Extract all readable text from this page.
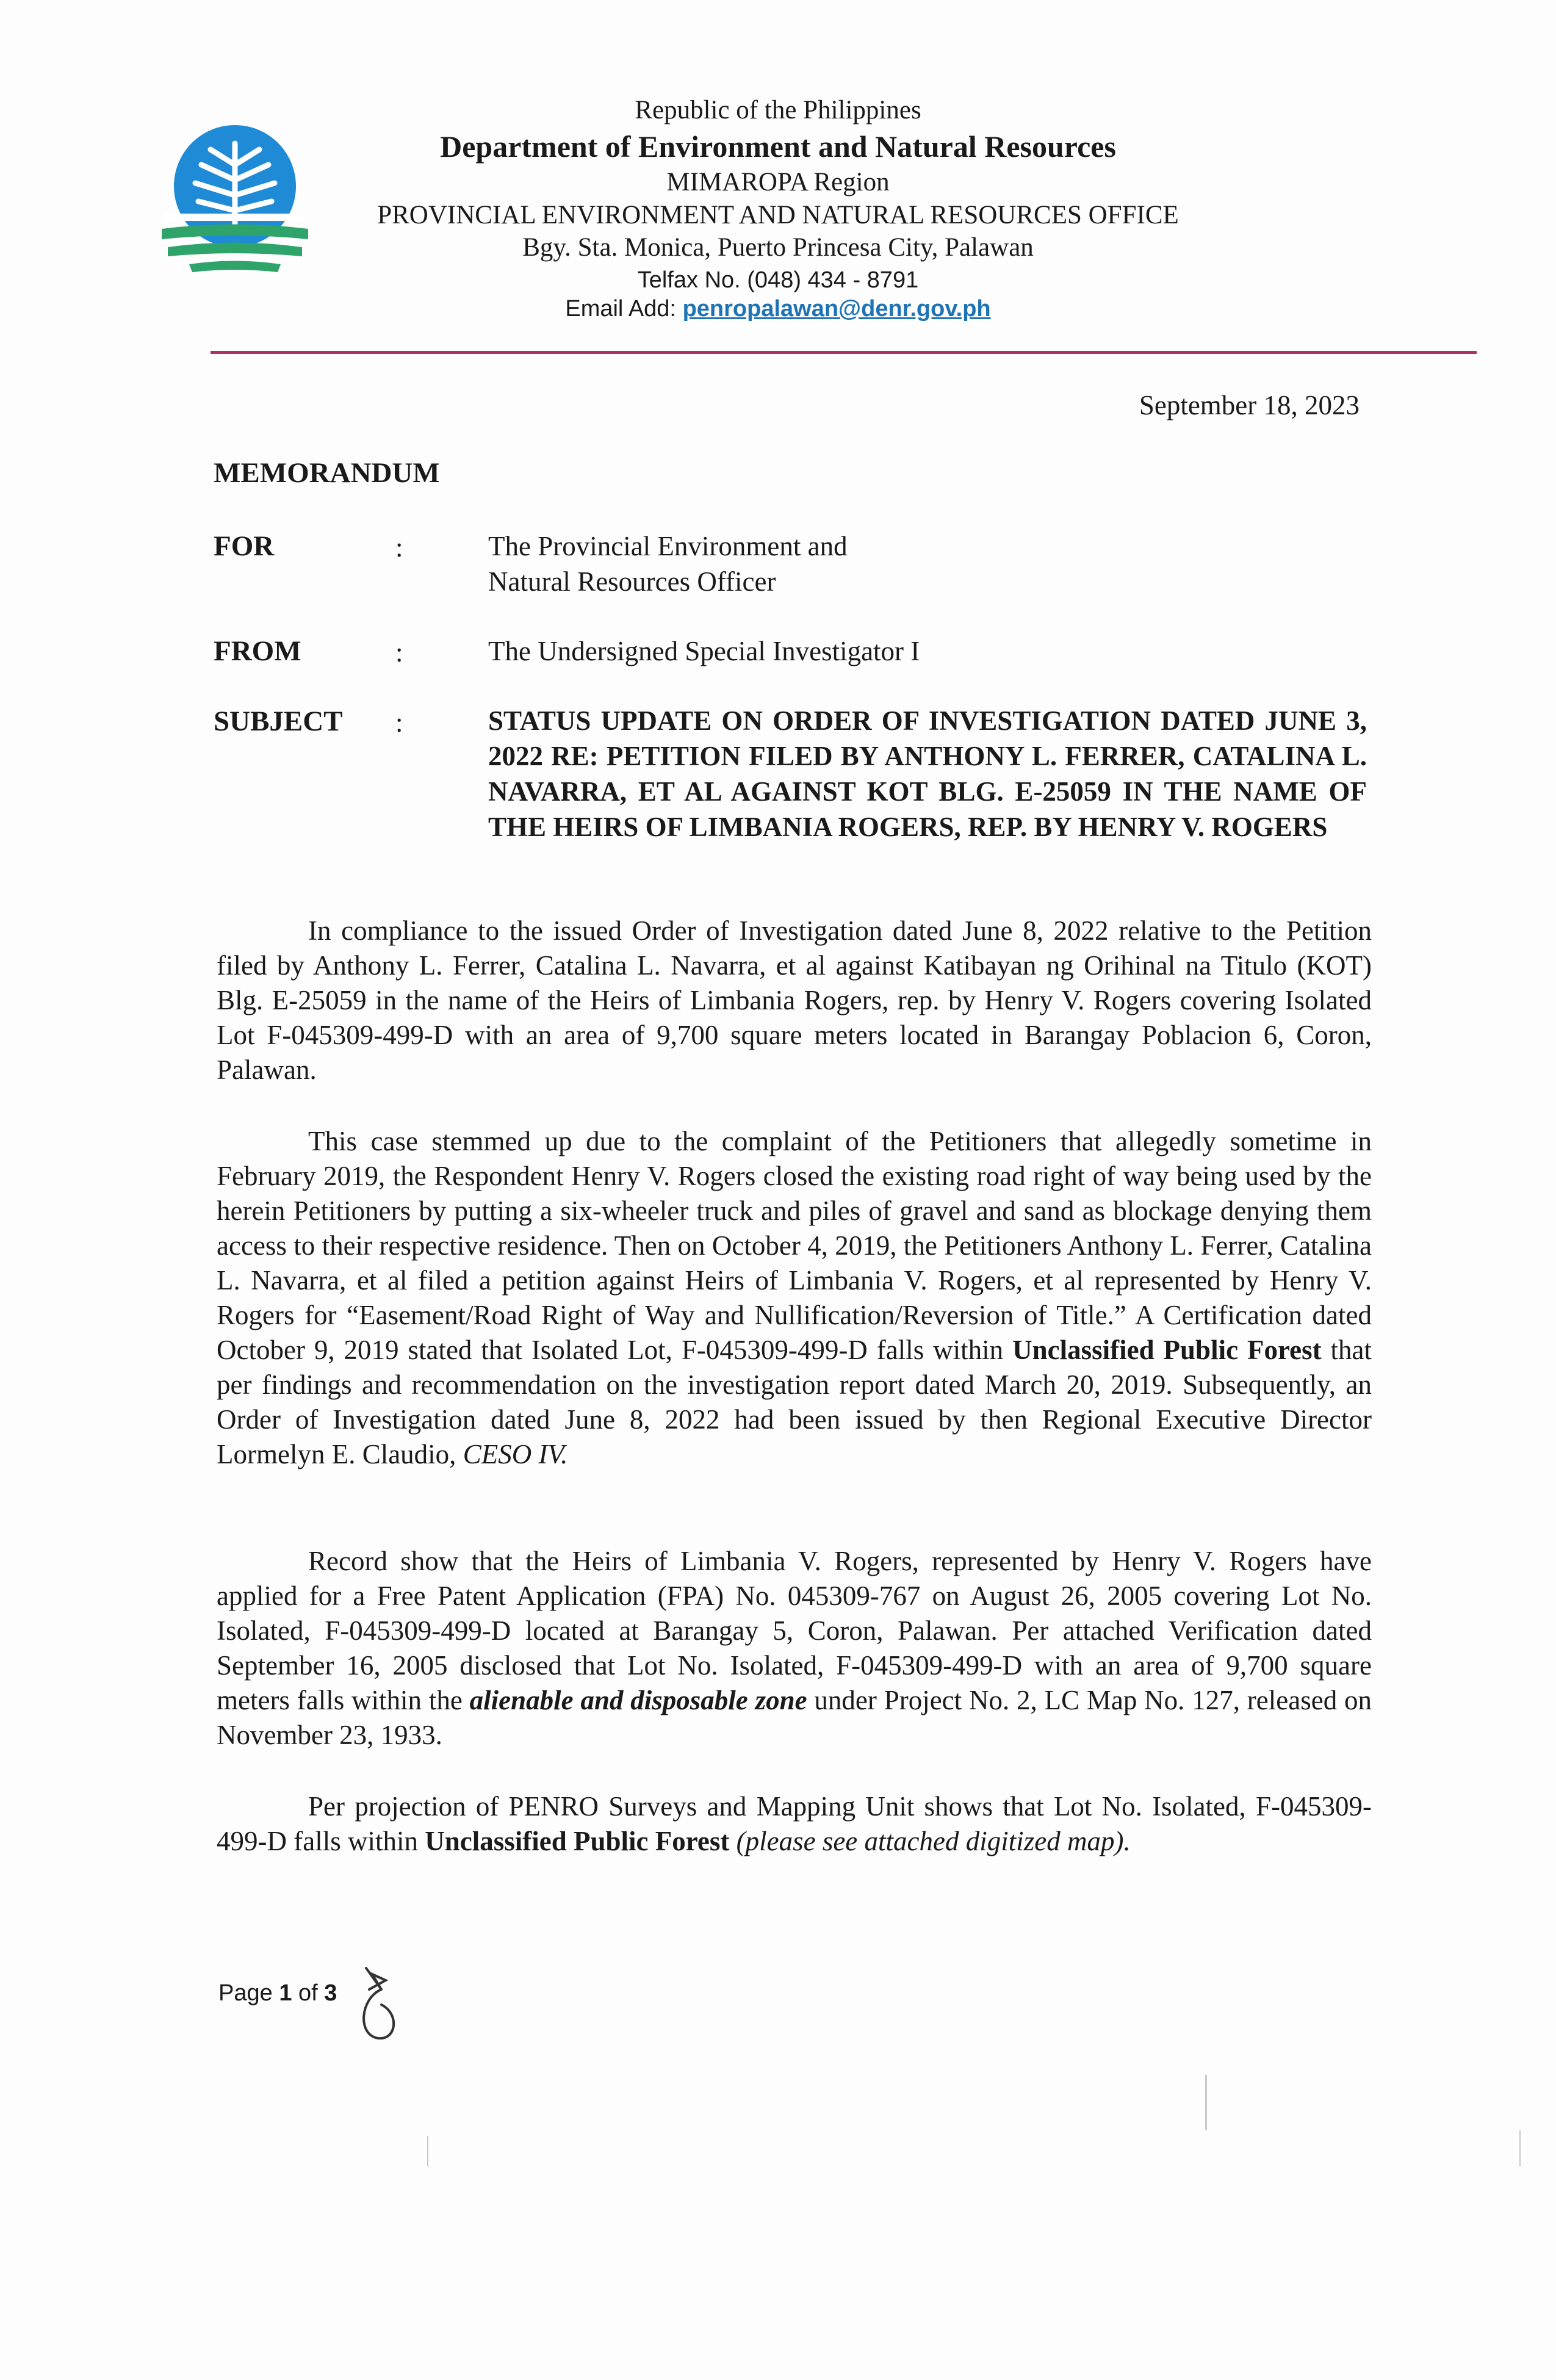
Republic of the Philippines
Department of Environment and Natural Resources
MIMAROPA Region
PROVINCIAL ENVIRONMENT AND NATURAL RESOURCES OFFICE
Bgy. Sta. Monica, Puerto Princesa City, Palawan
Telfax No. (048) 434 - 8791
Email Add: penropalawan@denr.gov.ph
September 18, 2023
MEMORANDUM
FOR	:	The Provincial Environment and Natural Resources Officer
FROM	:	The Undersigned Special Investigator I
SUBJECT :	STATUS UPDATE ON ORDER OF INVESTIGATION DATED JUNE 3, 2022 RE: PETITION FILED BY ANTHONY L. FERRER, CATALINA L. NAVARRA, ET AL AGAINST KOT BLG. E-25059 IN THE NAME OF THE HEIRS OF LIMBANIA ROGERS, REP. BY HENRY V. ROGERS

In compliance to the issued Order of Investigation dated June 8, 2022 relative to the Petition filed by Anthony L. Ferrer, Catalina L. Navarra, et al against Katibayan ng Orihinal na Titulo (KOT) Blg. E-25059 in the name of the Heirs of Limbania Rogers, rep. by Henry V. Rogers covering Isolated Lot F-045309-499-D with an area of 9,700 square meters located in Barangay Poblacion 6, Coron, Palawan.

This case stemmed up due to the complaint of the Petitioners that allegedly sometime in February 2019, the Respondent Henry V. Rogers closed the existing road right of way being used by the herein Petitioners by putting a six-wheeler truck and piles of gravel and sand as blockage denying them access to their respective residence. Then on October 4, 2019, the Petitioners Anthony L. Ferrer, Catalina L. Navarra, et al filed a petition against Heirs of Limbania V. Rogers, et al represented by Henry V. Rogers for “Easement/Road Right of Way and Nullification/Reversion of Title.” A Certification dated October 9, 2019 stated that Isolated Lot, F-045309-499-D falls within Unclassified Public Forest that per findings and recommendation on the investigation report dated March 20, 2019. Subsequently, an Order of Investigation dated June 8, 2022 had been issued by then Regional Executive Director Lormelyn E. Claudio, CESO IV.

Record show that the Heirs of Limbania V. Rogers, represented by Henry V. Rogers have applied for a Free Patent Application (FPA) No. 045309-767 on August 26, 2005 covering Lot No. Isolated, F-045309-499-D located at Barangay 5, Coron, Palawan. Per attached Verification dated September 16, 2005 disclosed that Lot No. Isolated, F-045309-499-D with an area of 9,700 square meters falls within the alienable and disposable zone under Project No. 2, LC Map No. 127, released on November 23, 1933.

Per projection of PENRO Surveys and Mapping Unit shows that Lot No. Isolated, F-045309-499-D falls within Unclassified Public Forest (please see attached digitized map).

Page 1 of 3
